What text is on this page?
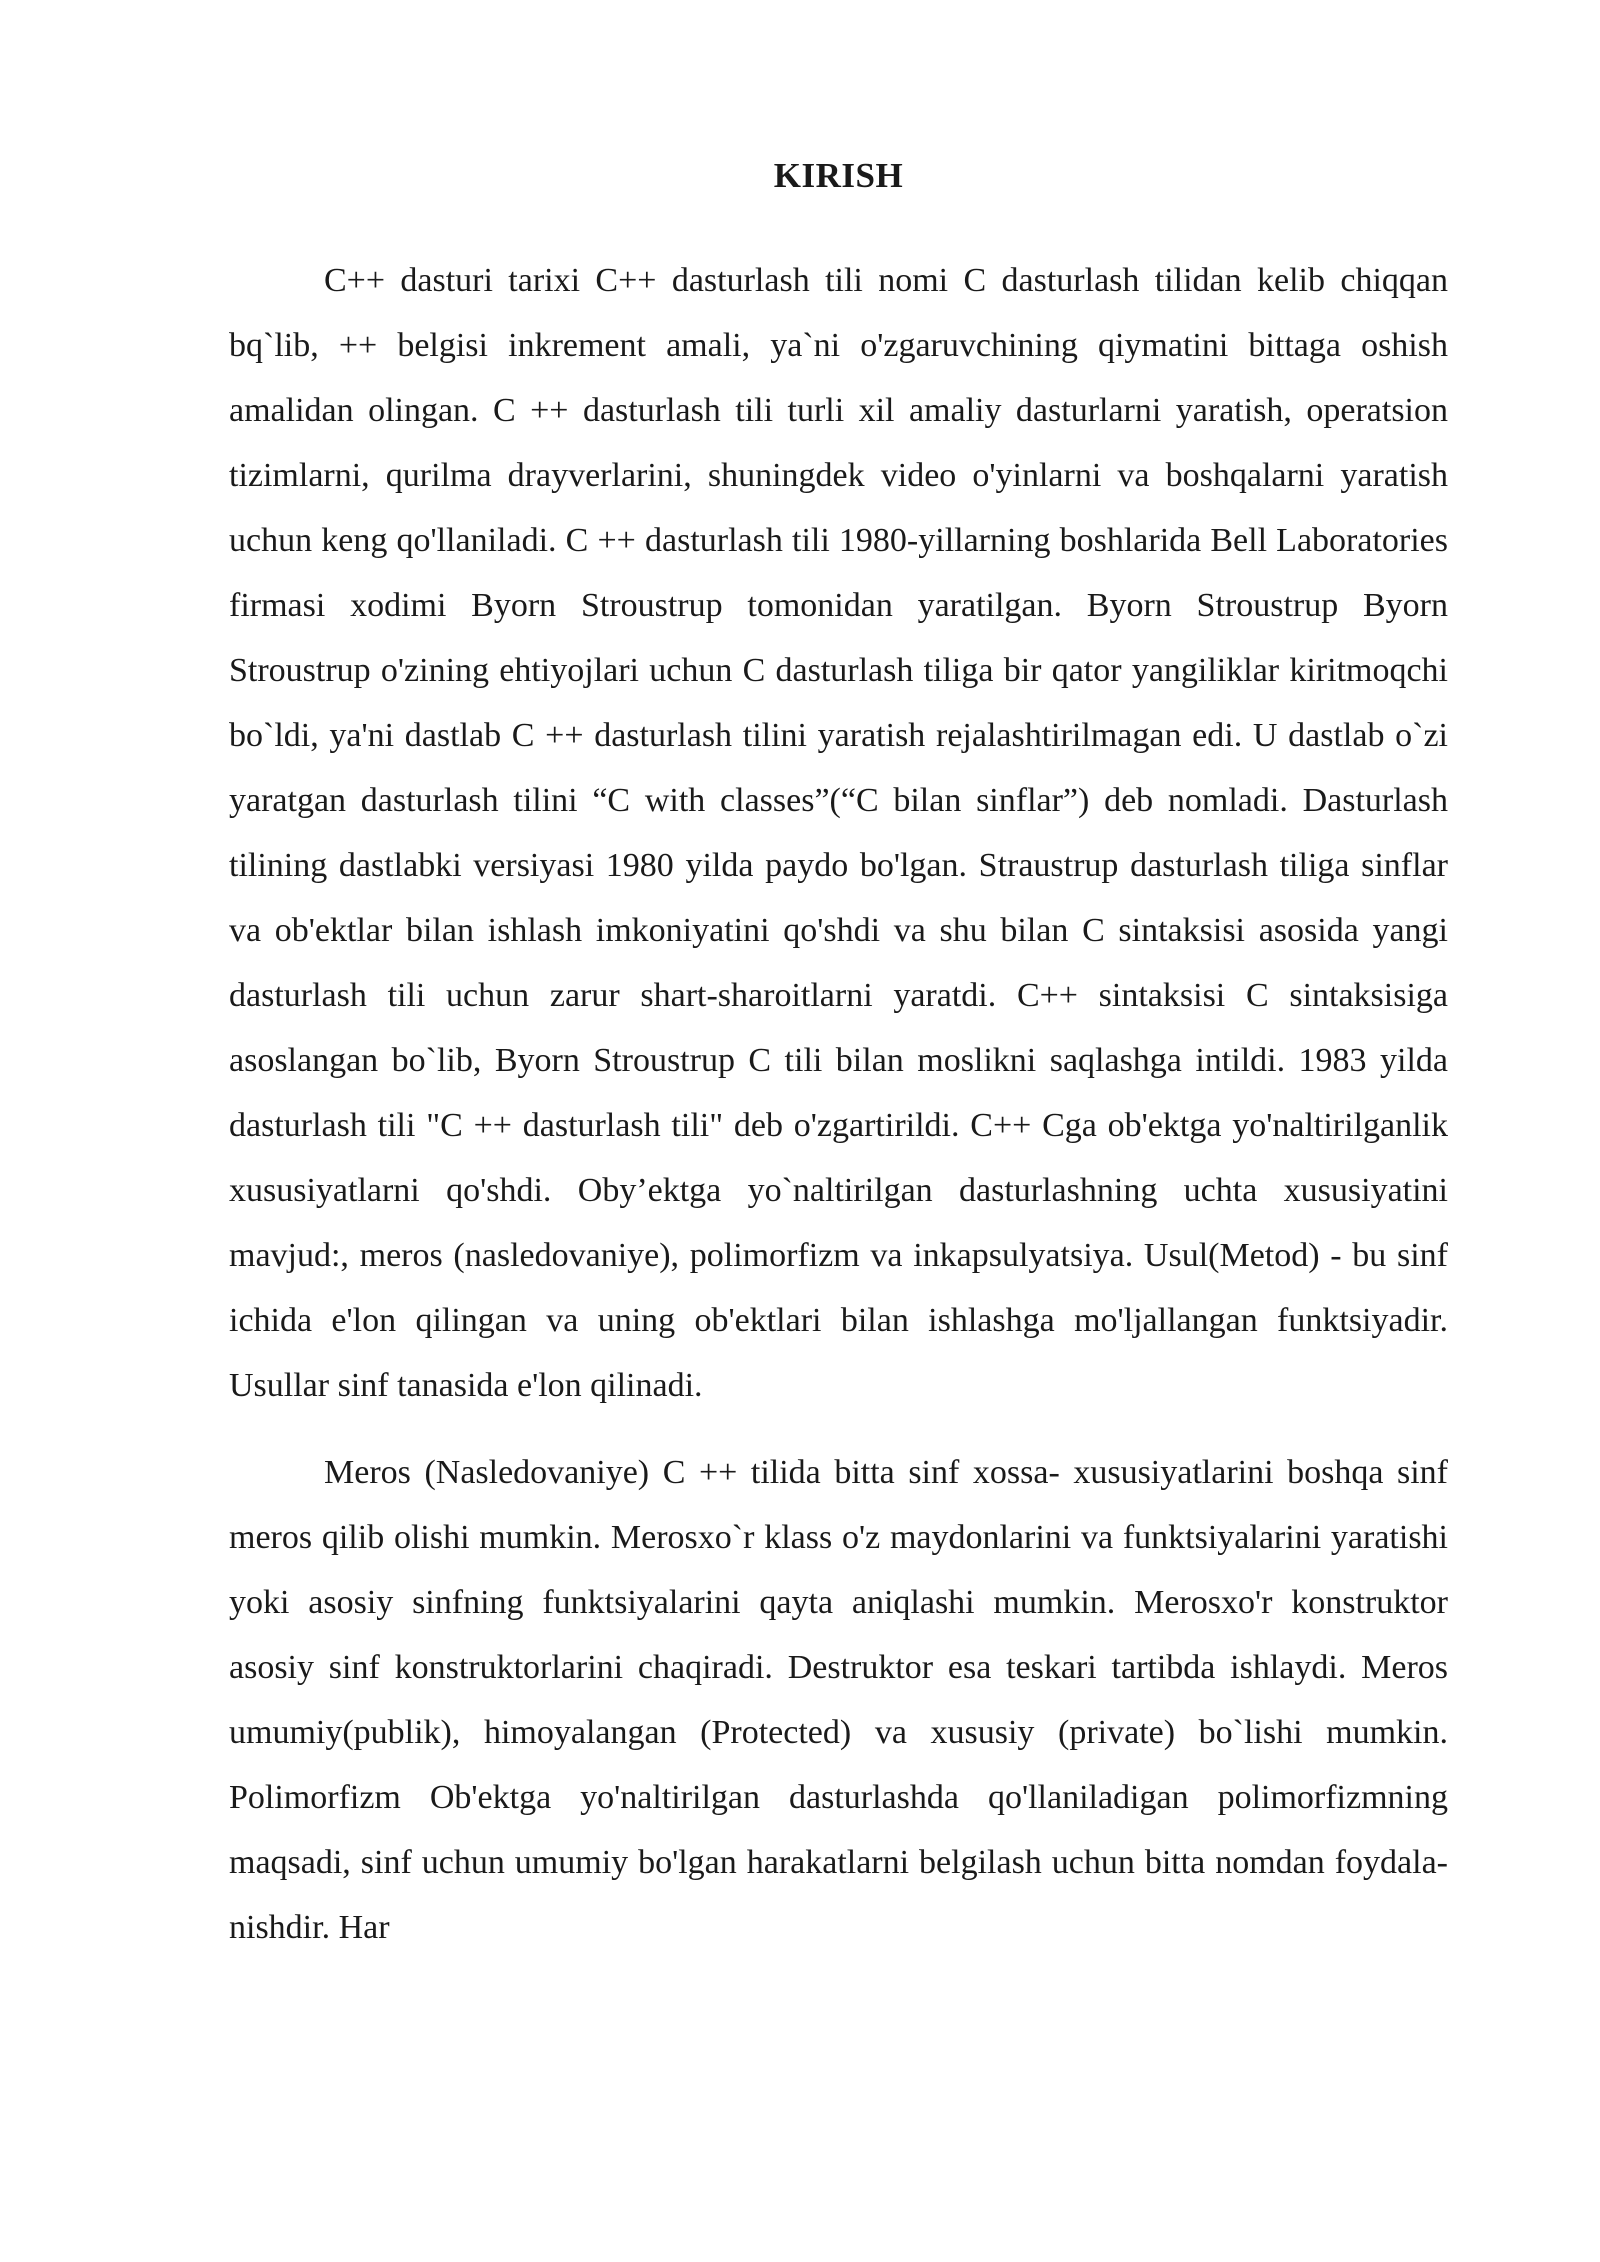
KIRISH

C++ dasturi tarixi C++ dasturlash tili nomi C dasturlash tilidan kelib chiqqan bq`lib, ++ belgisi inkrement amali, ya`ni o'zgaruvchining qiymatini bittaga oshish amalidan olingan. C ++ dasturlash tili turli xil amaliy dasturlarni yaratish, operatsion tizimlarni, qurilma drayverlarini, shuningdek video o'yinlarni va boshqalarni yaratish uchun keng qo'llaniladi. C ++ dasturlash tili 1980-yillarning boshlarida Bell Laboratories firmasi xodimi Byorn Stroustrup tomonidan yaratilgan. Byorn Stroustrup Byorn Stroustrup o'zining ehtiyojlari uchun C dasturlash tiliga bir qator yangiliklar kiritmoqchi bo`ldi, ya'ni dastlab C ++ dasturlash tilini yaratish rejalashtirilmagan edi. U dastlab o`zi yaratgan dasturlash tilini “C with classes”(“C bilan sinflar”) deb nomladi. Dasturlash tilining dastlabki versiyasi 1980 yilda paydo bo'lgan. Straustrup dasturlash tiliga sinflar va ob'ektlar bilan ishlash imkoniyatini qo'shdi va shu bilan C sintaksisi asosida yangi dasturlash tili uchun zarur shart-sharoitlarni yaratdi. C++ sintaksisi C sintaksisiga asoslangan bo`lib, Byorn Stroustrup C tili bilan moslikni saqlashga intildi. 1983 yilda dasturlash tili "C ++ dasturlash tili" deb o'zgartirildi. C++ Cga ob'ektga yo'naltirilganlik xususiyatlarni qo'shdi. Oby’ektga yo`naltirilgan dasturlashning uchta xususiyatini mavjud:, meros (nasledovaniye), polimorfizm va inkapsulyatsiya. Usul(Metod) - bu sinf ichida e'lon qilingan va uning ob'ektlari bilan ishlashga mo'ljallangan funktsiyadir. Usullar sinf tanasida e'lon qilinadi.

Meros (Nasledovaniye) C ++ tilida bitta sinf xossa- xususiyatlarini boshqa sinf meros qilib olishi mumkin. Merosxo`r klass o'z maydonlarini va funktsiyalarini yaratishi yoki asosiy sinfning funktsiyalarini qayta aniqlashi mumkin. Merosxo'r konstruktor asosiy sinf konstruktorlarini chaqiradi. Destruktor esa teskari tartibda ishlaydi. Meros umumiy(publik), himoyalangan (Protected) va xususiy (private) bo`lishi mumkin. Polimorfizm Ob'ektga yo'naltirilgan dasturlashda qo'llaniladigan polimorfizmning maqsadi, sinf uchun umumiy bo'lgan harakatlarni belgilash uchun bitta nomdan foydala-nishdir. Har
